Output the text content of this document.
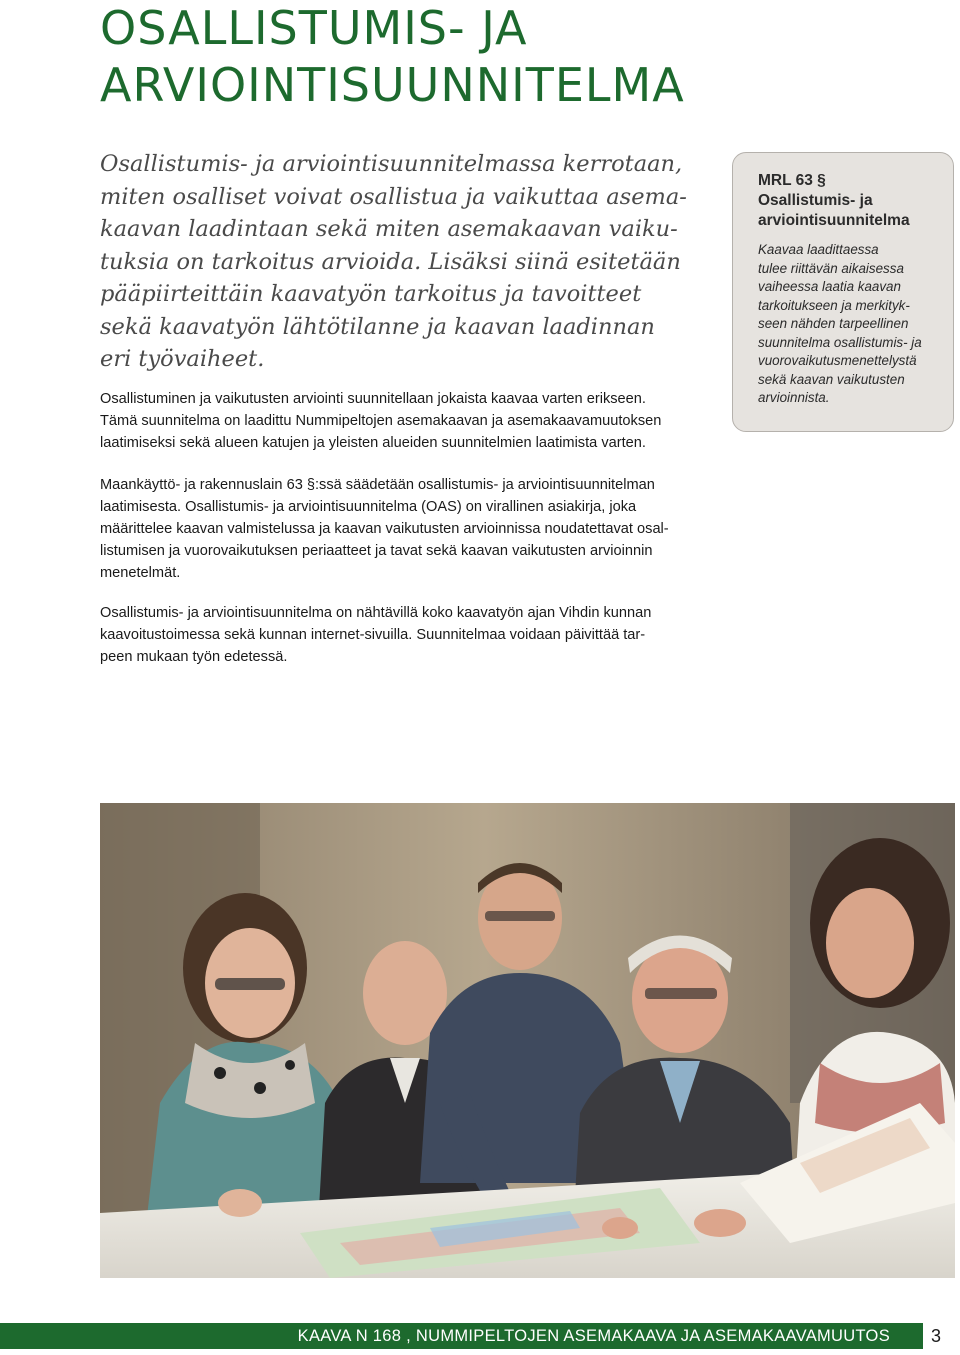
OSALLISTUMIS- JA
ARVIOINTISUUNNITELMA

Osallistumis- ja arviointisuunnitelmassa kerrotaan,
miten osalliset voivat osallistua ja vaikuttaa asema-
kaavan laadintaan sekä miten asemakaavan vaiku-
tuksia on tarkoitus arvioida. Lisäksi siinä esitetään
pääpiirteittäin kaavatyön tarkoitus ja tavoitteet
sekä kaavatyön lähtötilanne ja kaavan laadinnan
eri työvaiheet.

Osallistuminen ja vaikutusten arviointi suunnitellaan jokaista kaavaa varten erikseen.
Tämä suunnitelma on laadittu Nummipeltojen asemakaavan ja asemakaavamuutoksen
laatimiseksi sekä alueen katujen ja yleisten alueiden suunnitelmien laatimista varten.

Maankäyttö- ja rakennuslain 63 §:ssä säädetään osallistumis- ja arviointisuunnitelman
laatimisesta. Osallistumis- ja arviointisuunnitelma (OAS) on virallinen asiakirja, joka
määrittelee kaavan valmistelussa ja kaavan vaikutusten arvioinnissa noudatettavat osal-
listumisen ja vuorovaikutuksen periaatteet ja tavat sekä kaavan vaikutusten arvioinnin
menetelmät.

Osallistumis- ja arviointisuunnitelma on nähtävillä koko kaavatyön ajan Vihdin kunnan
kaavoitustoimessa sekä kunnan internet-sivuilla. Suunnitelmaa voidaan päivittää tar-
peen mukaan työn edetessä.

MRL 63 §
Osallistumis- ja
arviointisuunnitelma

Kaavaa laadittaessa
tulee riittävän aikaisessa
vaiheessa laatia kaavan
tarkoitukseen ja merkityk-
seen nähden tarpeellinen
suunnitelma osallistumis- ja
vuorovaikutusmenettelystä
sekä kaavan vaikutusten
arvioinnista.

KAAVA N 168 , NUMMIPELTOJEN ASEMAKAAVA JA ASEMAKAAVAMUUTOS	3
